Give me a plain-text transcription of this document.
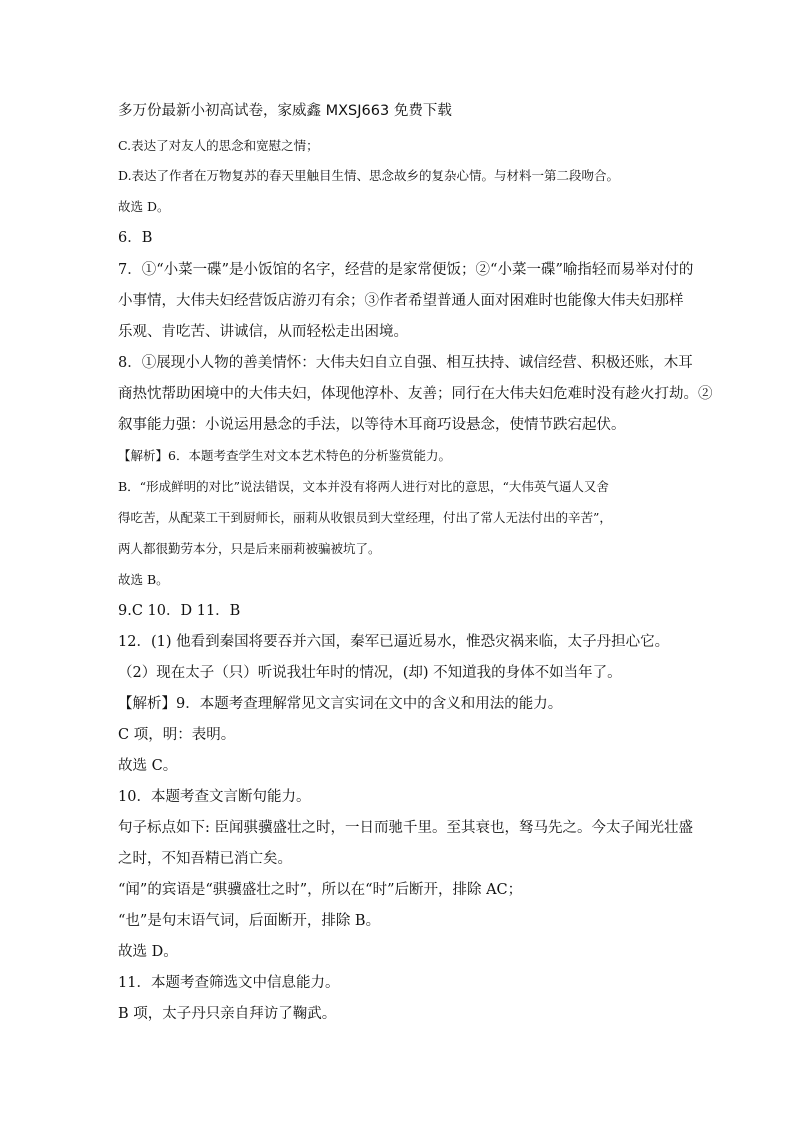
多万份最新小初高试卷，家威鑫 MXSJ663 免费下载
C.表达了对友人的思念和宽慰之情；
D.表达了作者在万物复苏的春天里触目生情、思念故乡的复杂心情。与材料一第二段吻合。
故选 D。
6．B
7．①“小菜一碟”是小饭馆的名字，经营的是家常便饭；②“小菜一碟”喻指轻而易举对付的
小事情，大伟夫妇经营饭店游刃有余；③作者希望普通人面对困难时也能像大伟夫妇那样
乐观、肯吃苦、讲诚信，从而轻松走出困境。
8．①展现小人物的善美情怀：大伟夫妇自立自强、相互扶持、诚信经营、积极还账，木耳
商热忱帮助困境中的大伟夫妇，体现他淳朴、友善；同行在大伟夫妇危难时没有趁火打劫。②
叙事能力强：小说运用悬念的手法，以等待木耳商巧设悬念，使情节跌宕起伏。
【解析】6．本题考查学生对文本艺术特色的分析鉴赏能力。
B．“形成鲜明的对比”说法错误，文本并没有将两人进行对比的意思，“大伟英气逼人又舍
得吃苦，从配菜工干到厨师长，丽莉从收银员到大堂经理，付出了常人无法付出的辛苦”，
两人都很勤劳本分，只是后来丽莉被骗被坑了。
故选 B。
9.C 10．D 11．B
12．(1) 他看到秦国将要吞并六国，秦军已逼近易水，惟恐灾祸来临，太子丹担心它。
（2）现在太子（只）听说我壮年时的情况，(却) 不知道我的身体不如当年了。
【解析】9．本题考查理解常见文言实词在文中的含义和用法的能力。
C 项，明：表明。
故选 C。
10．本题考查文言断句能力。
句子标点如下: 臣闻骐骥盛壮之时，一日而驰千里。至其衰也，驽马先之。今太子闻光壮盛
之时，不知吾精已消亡矣。
“闻”的宾语是“骐骥盛壮之时”，所以在“时”后断开，排除 AC；
“也”是句末语气词，后面断开，排除 B。
故选 D。
11．本题考查筛选文中信息能力。
B 项，太子丹只亲自拜访了鞠武。
